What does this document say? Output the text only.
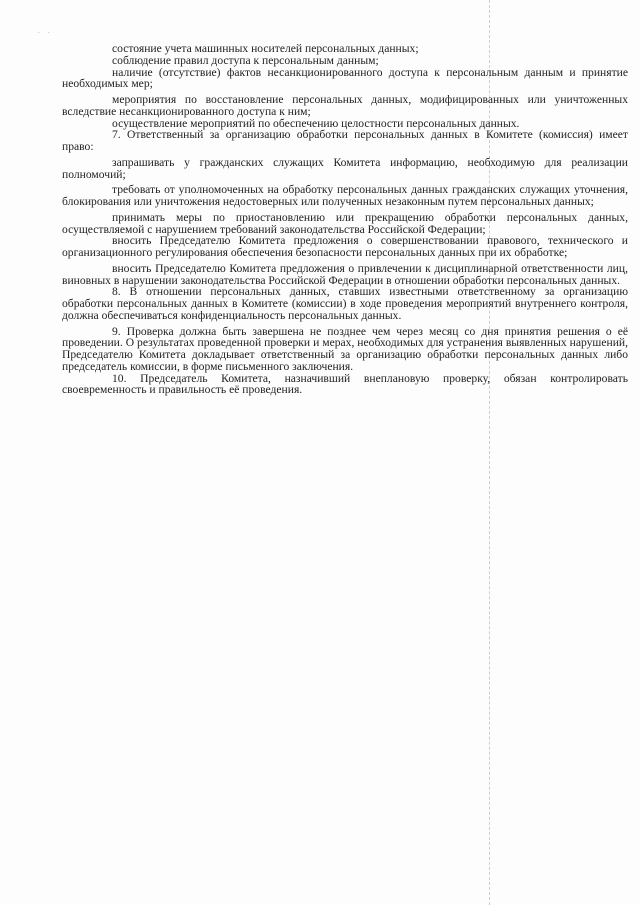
· ·

состояние учета машинных носителей персональных данных;

соблюдение правил доступа к персональным данным;

наличие (отсутствие) фактов несанкционированного доступа к персональным данным и принятие необходимых мер;

мероприятия по восстановление персональных данных, модифицированных или уничтоженных вследствие несанкционированного доступа к ним;

осуществление мероприятий по обеспечению целостности персональных данных.

7. Ответственный за организацию обработки персональных данных в Комитете (комиссия) имеет право:

запрашивать у гражданских служащих Комитета информацию, необходимую для реализации полномочий;

требовать от уполномоченных на обработку персональных данных гражданских служащих уточнения, блокирования или уничтожения недостоверных или полученных незаконным путем персональных данных;

принимать меры по приостановлению или прекращению обработки персональных данных, осуществляемой с нарушением требований законодательства Российской Федерации;

вносить Председателю Комитета предложения о совершенствовании правового, технического и организационного регулирования обеспечения безопасности персональных данных при их обработке;

вносить Председателю Комитета предложения о привлечении к дисциплинарной ответственности лиц, виновных в нарушении законодательства Российской Федерации в отношении обработки персональных данных.

8. В отношении персональных данных, ставших известными ответственному за организацию обработки персональных данных в Комитете (комиссии) в ходе проведения мероприятий внутреннего контроля, должна обеспечиваться конфиденциальность персональных данных.

9. Проверка должна быть завершена не позднее чем через месяц со дня принятия решения о её проведении. О результатах проведенной проверки и мерах, необходимых для устранения выявленных нарушений, Председателю Комитета докладывает ответственный за организацию обработки персональных данных либо председатель комиссии, в форме письменного заключения.

10. Председатель Комитета, назначивший внеплановую проверку, обязан контролировать своевременность и правильность её проведения.
